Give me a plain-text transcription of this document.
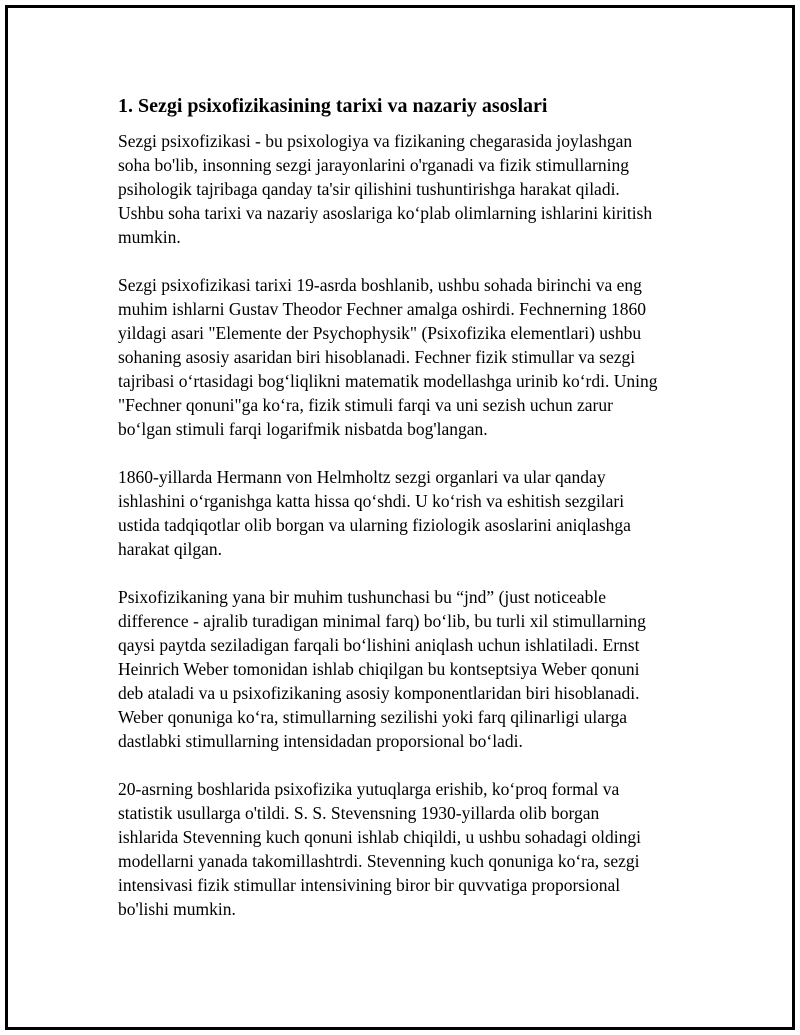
1. Sezgi psixofizikasining tarixi va nazariy asoslari

Sezgi psixofizikasi - bu psixologiya va fizikaning chegarasida joylashgan
soha bo'lib, insonning sezgi jarayonlarini o'rganadi va fizik stimullarning
psihologik tajribaga qanday ta'sir qilishini tushuntirishga harakat qiladi.
Ushbu soha tarixi va nazariy asoslariga ko‘plab olimlarning ishlarini kiritish
mumkin.

Sezgi psixofizikasi tarixi 19-asrda boshlanib, ushbu sohada birinchi va eng
muhim ishlarni Gustav Theodor Fechner amalga oshirdi. Fechnerning 1860
yildagi asari "Elemente der Psychophysik" (Psixofizika elementlari) ushbu
sohaning asosiy asaridan biri hisoblanadi. Fechner fizik stimullar va sezgi
tajribasi o‘rtasidagi bog‘liqlikni matematik modellashga urinib ko‘rdi. Uning
"Fechner qonuni"ga ko‘ra, fizik stimuli farqi va uni sezish uchun zarur
bo‘lgan stimuli farqi logarifmik nisbatda bog'langan.

1860-yillarda Hermann von Helmholtz sezgi organlari va ular qanday
ishlashini o‘rganishga katta hissa qo‘shdi. U ko‘rish va eshitish sezgilari
ustida tadqiqotlar olib borgan va ularning fiziologik asoslarini aniqlashga
harakat qilgan.

Psixofizikaning yana bir muhim tushunchasi bu “jnd” (just noticeable
difference - ajralib turadigan minimal farq) bo‘lib, bu turli xil stimullarning
qaysi paytda seziladigan farqali bo‘lishini aniqlash uchun ishlatiladi. Ernst
Heinrich Weber tomonidan ishlab chiqilgan bu kontseptsiya Weber qonuni
deb ataladi va u psixofizikaning asosiy komponentlaridan biri hisoblanadi.
Weber qonuniga ko‘ra, stimullarning sezilishi yoki farq qilinarligi ularga
dastlabki stimullarning intensidadan proporsional bo‘ladi.

20-asrning boshlarida psixofizika yutuqlarga erishib, ko‘proq formal va
statistik usullarga o'tildi. S. S. Stevensning 1930-yillarda olib borgan
ishlarida Stevenning kuch qonuni ishlab chiqildi, u ushbu sohadagi oldingi
modellarni yanada takomillashtrdi. Stevenning kuch qonuniga ko‘ra, sezgi
intensivasi fizik stimullar intensivining biror bir quvvatiga proporsional
bo'lishi mumkin.
